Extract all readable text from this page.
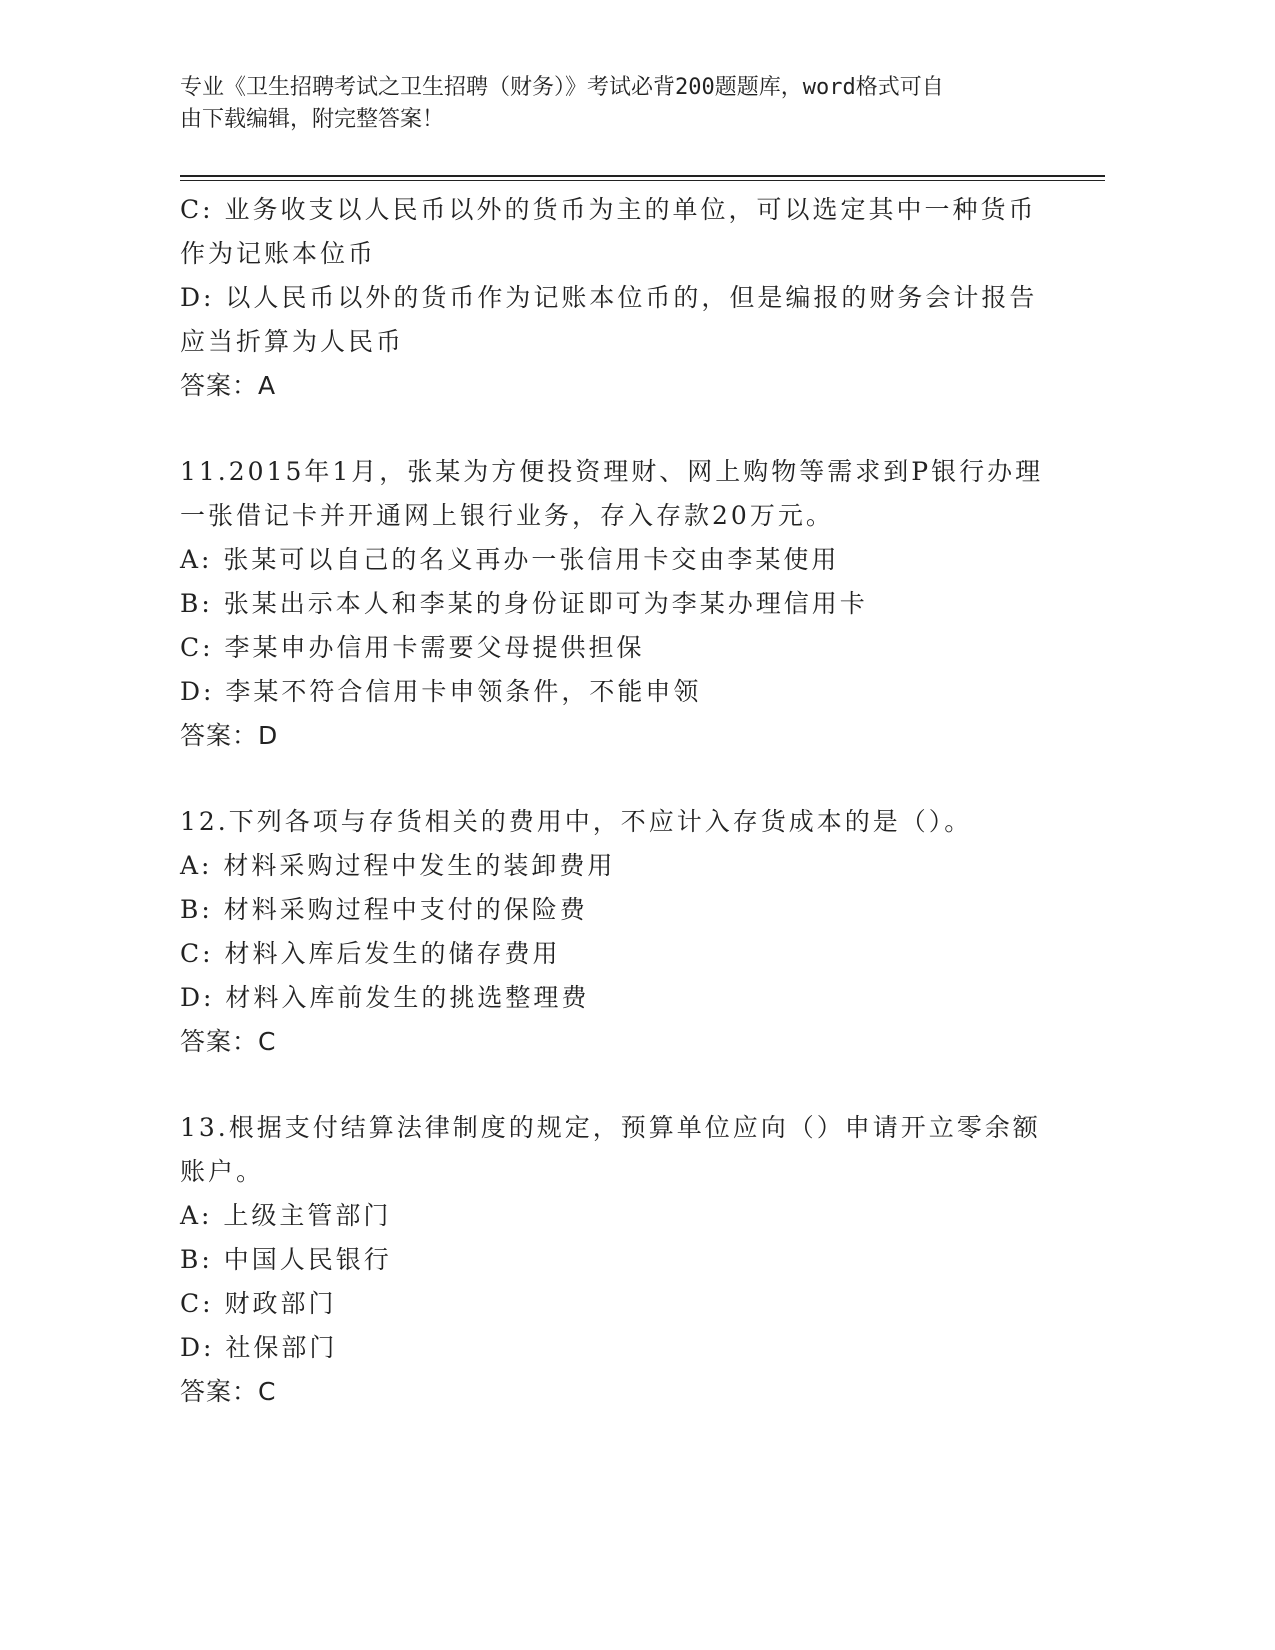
专业《卫生招聘考试之卫生招聘（财务）》考试必背200题题库，word格式可自
由下载编辑，附完整答案！
C: 业务收支以人民币以外的货币为主的单位，可以选定其中一种货币
作为记账本位币
D: 以人民币以外的货币作为记账本位币的，但是编报的财务会计报告
应当折算为人民币
答案：A
11.2015年1月，张某为方便投资理财、网上购物等需求到P银行办理
一张借记卡并开通网上银行业务，存入存款20万元。
A: 张某可以自己的名义再办一张信用卡交由李某使用
B: 张某出示本人和李某的身份证即可为李某办理信用卡
C: 李某申办信用卡需要父母提供担保
D: 李某不符合信用卡申领条件，不能申领
答案：D
12.下列各项与存货相关的费用中，不应计入存货成本的是（）。
A: 材料采购过程中发生的装卸费用
B: 材料采购过程中支付的保险费
C: 材料入库后发生的储存费用
D: 材料入库前发生的挑选整理费
答案：C
13.根据支付结算法律制度的规定，预算单位应向（）申请开立零余额
账户。
A: 上级主管部门
B: 中国人民银行
C: 财政部门
D: 社保部门
答案：C
